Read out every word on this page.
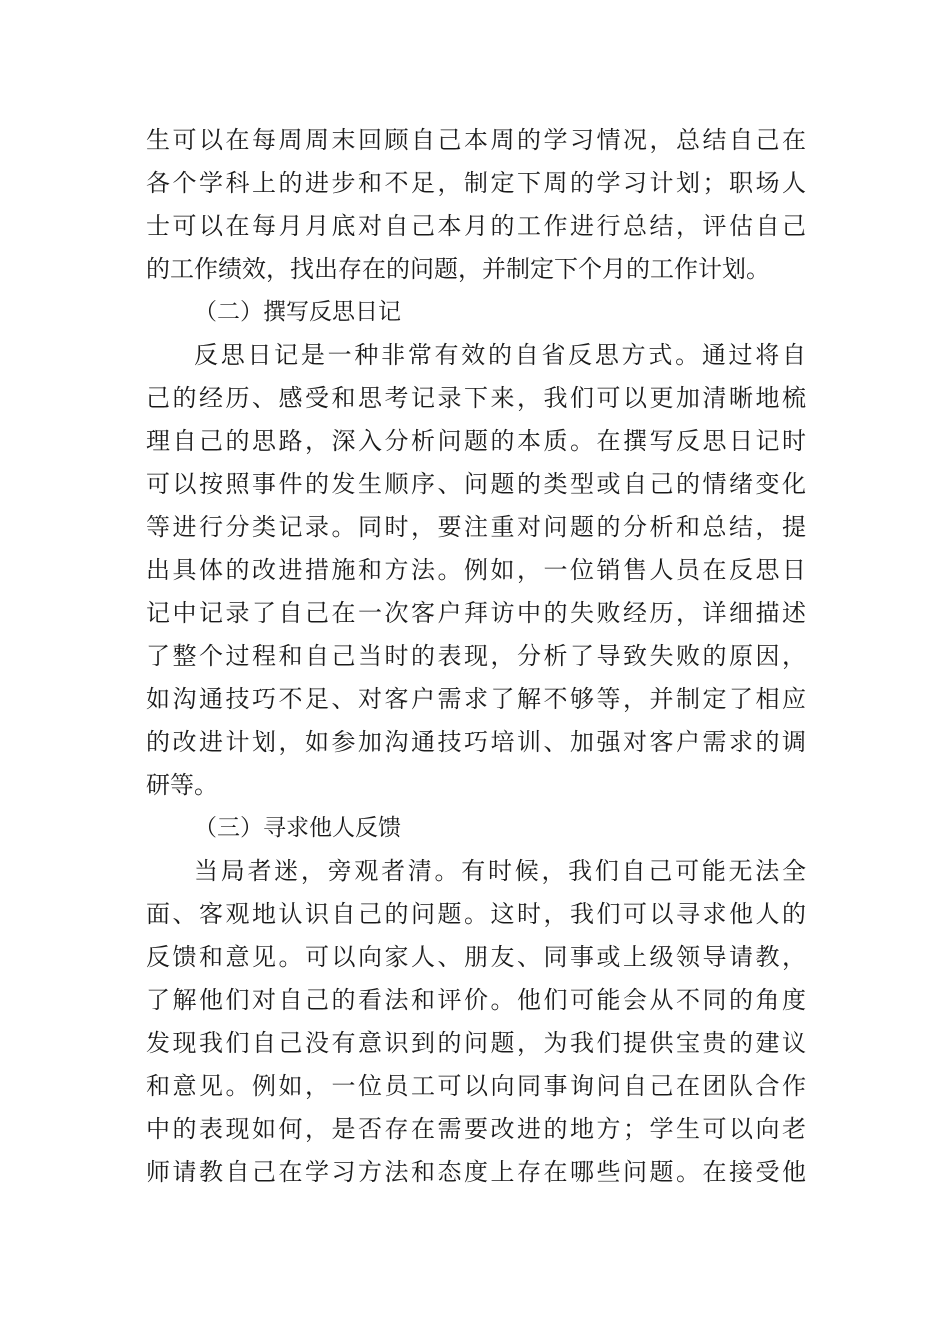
生可以在每周周末回顾自己本周的学习情况，总结自己在
各个学科上的进步和不足，制定下周的学习计划；职场人
士可以在每月月底对自己本月的工作进行总结，评估自己
的工作绩效，找出存在的问题，并制定下个月的工作计划。
（二）撰写反思日记
反思日记是一种非常有效的自省反思方式。通过将自
己的经历、感受和思考记录下来，我们可以更加清晰地梳
理自己的思路，深入分析问题的本质。在撰写反思日记时
可以按照事件的发生顺序、问题的类型或自己的情绪变化
等进行分类记录。同时，要注重对问题的分析和总结，提
出具体的改进措施和方法。例如，一位销售人员在反思日
记中记录了自己在一次客户拜访中的失败经历，详细描述
了整个过程和自己当时的表现，分析了导致失败的原因，
如沟通技巧不足、对客户需求了解不够等，并制定了相应
的改进计划，如参加沟通技巧培训、加强对客户需求的调
研等。
（三）寻求他人反馈
当局者迷，旁观者清。有时候，我们自己可能无法全
面、客观地认识自己的问题。这时，我们可以寻求他人的
反馈和意见。可以向家人、朋友、同事或上级领导请教，
了解他们对自己的看法和评价。他们可能会从不同的角度
发现我们自己没有意识到的问题，为我们提供宝贵的建议
和意见。例如，一位员工可以向同事询问自己在团队合作
中的表现如何，是否存在需要改进的地方；学生可以向老
师请教自己在学习方法和态度上存在哪些问题。在接受他
